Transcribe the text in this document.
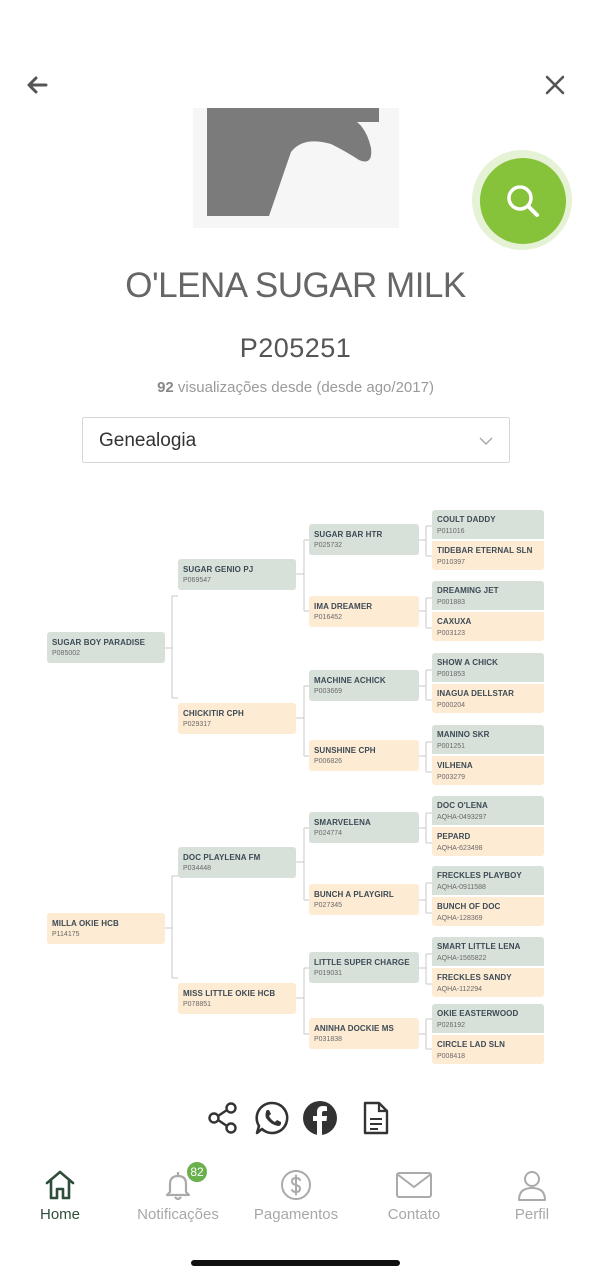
O'LENA SUGAR MILK
P205251
92 visualizações desde (desde ago/2017)
Genealogia
SUGAR BOY PARADISE
P085002
MILLA OKIE HCB
P114175
SUGAR GENIO PJ
P069547
CHICKITIR CPH
P029317
DOC PLAYLENA FM
P034448
MISS LITTLE OKIE HCB
P078851
SUGAR BAR HTR
P025732
IMA DREAMER
P016452
MACHINE ACHICK
P003669
SUNSHINE CPH
P006826
SMARVELENA
P024774
BUNCH A PLAYGIRL
P027345
LITTLE SUPER CHARGE
P019031
ANINHA DOCKIE MS
P031838
COULT DADDY
P011016
TIDEBAR ETERNAL SLN
P010397
DREAMING JET
P001883
CAXUXA
P003123
SHOW A CHICK
P001853
INAGUA DELLSTAR
P000204
MANINO SKR
P001251
VILHENA
P003279
DOC O'LENA
AQHA-0493297
PEPARD
AQHA-623498
FRECKLES PLAYBOY
AQHA-0911588
BUNCH OF DOC
AQHA-128369
SMART LITTLE LENA
AQHA-1565822
FRECKLES SANDY
AQHA-112294
OKIE EASTERWOOD
P026192
CIRCLE LAD SLN
P008418
Home
82
Notificações	Pagamentos	Contato	Perfil
